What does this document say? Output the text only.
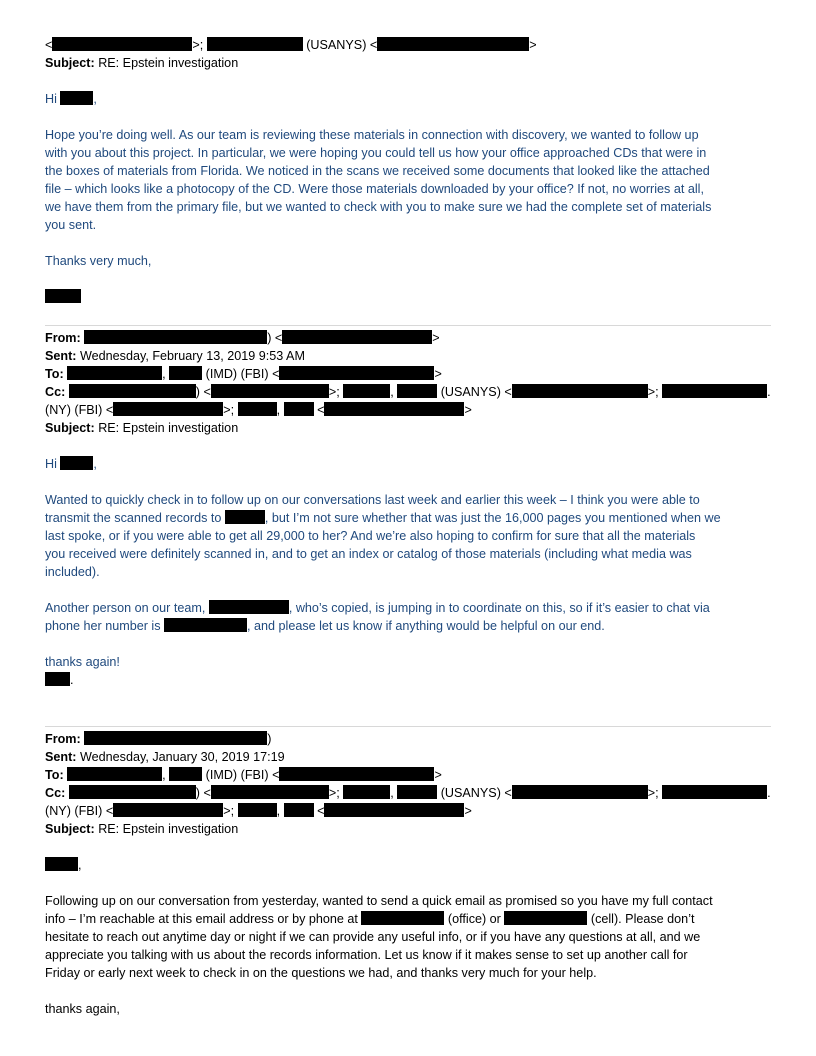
<	>;	(USANYS) <	>
Subject: RE: Epstein investigation
Hi	,
Hope you’re doing well. As our team is reviewing these materials in connection with discovery, we wanted to follow up
with you about this project. In particular, we were hoping you could tell us how your office approached CDs that were in
the boxes of materials from Florida. We noticed in the scans we received some documents that looked like the attached
file – which looks like a photocopy of the CD. Were those materials downloaded by your office? If not, no worries at all,
we have them from the primary file, but we wanted to check with you to make sure we had the complete set of materials
you sent.
Thanks very much,
From:	) <	>
Sent: Wednesday, February 13, 2019 9:53 AM
To:	,	(IMD) (FBI) <	>
Cc:	) <	>;	,	(USANYS) <	>;	.
(NY) (FBI) <	>;	,  <	>
Subject: RE: Epstein investigation
Hi	,
Wanted to quickly check in to follow up on our conversations last week and earlier this week – I think you were able to
transmit the scanned records to	, but I’m not sure whether that was just the 16,000 pages you mentioned when we
last spoke, or if you were able to get all 29,000 to her? And we’re also hoping to confirm for sure that all the materials
you received were definitely scanned in, and to get an index or catalog of those materials (including what media was
included).
Another person on our team,	, who’s copied, is jumping in to coordinate on this, so if it’s easier to chat via
phone her number is	, and please let us know if anything would be helpful on our end.
thanks again!
.
From:	)
Sent: Wednesday, January 30, 2019 17:19
To:	,	(IMD) (FBI) <	>
Cc:	) <	>;	,	(USANYS) <	>;	.
(NY) (FBI) <	>;	,  <	>
Subject: RE: Epstein investigation
,
Following up on our conversation from yesterday, wanted to send a quick email as promised so you have my full contact
info – I’m reachable at this email address or by phone at	(office) or	(cell). Please don’t
hesitate to reach out anytime day or night if we can provide any useful info, or if you have any questions at all, and we
appreciate you talking with us about the records information. Let us know if it makes sense to set up another call for
Friday or early next week to check in on the questions we had, and thanks very much for your help.
thanks again,
